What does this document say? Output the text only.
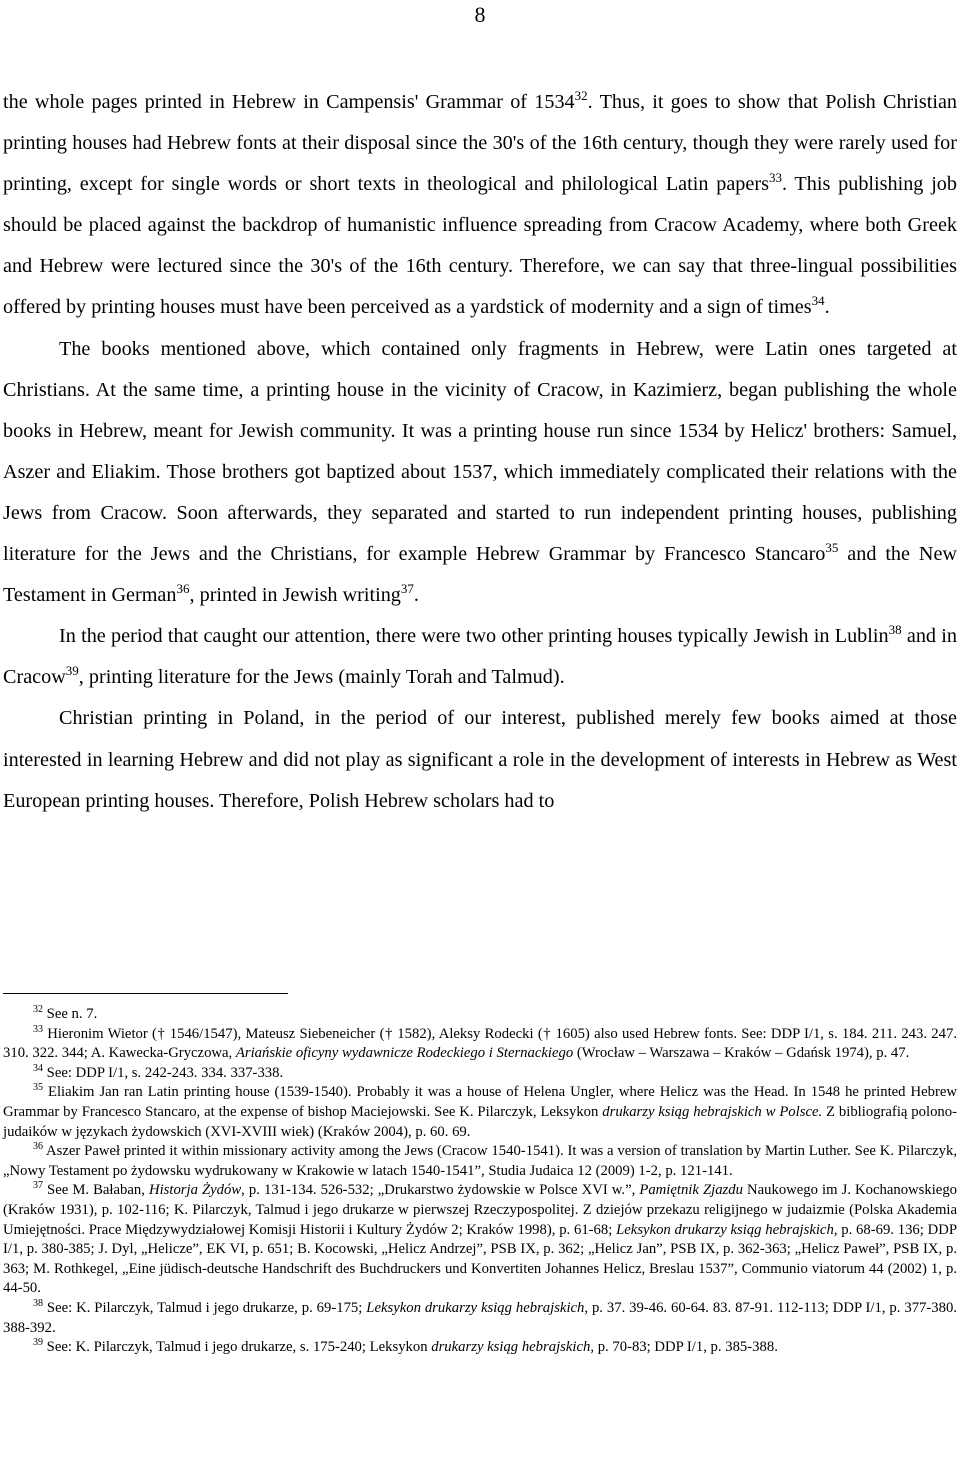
8

the whole pages printed in Hebrew in Campensis' Grammar of 1534$^{32}$. Thus, it goes to show that Polish Christian printing houses had Hebrew fonts at their disposal since the 30's of the 16th century, though they were rarely used for printing, except for single words or short texts in theological and philological Latin papers$^{33}$. This publishing job should be placed against the backdrop of humanistic influence spreading from Cracow Academy, where both Greek and Hebrew were lectured since the 30's of the 16th century. Therefore, we can say that three-lingual possibilities offered by printing houses must have been perceived as a yardstick of modernity and a sign of times$^{34}$.

The books mentioned above, which contained only fragments in Hebrew, were Latin ones targeted at Christians. At the same time, a printing house in the vicinity of Cracow, in Kazimierz, began publishing the whole books in Hebrew, meant for Jewish community. It was a printing house run since 1534 by Helicz' brothers: Samuel, Aszer and Eliakim. Those brothers got baptized about 1537, which immediately complicated their relations with the Jews from Cracow. Soon afterwards, they separated and started to run independent printing houses, publishing literature for the Jews and the Christians, for example Hebrew Grammar by Francesco Stancaro$^{35}$ and the New Testament in German$^{36}$, printed in Jewish writing$^{37}$.

In the period that caught our attention, there were two other printing houses typically Jewish in Lublin$^{38}$ and in Cracow$^{39}$, printing literature for the Jews (mainly Torah and Talmud).

Christian printing in Poland, in the period of our interest, published merely few books aimed at those interested in learning Hebrew and did not play as significant a role in the development of interests in Hebrew as West European printing houses. Therefore, Polish Hebrew scholars had to

$^{32}$ See n. 7.

$^{33}$ Hieronim Wietor († 1546/1547), Mateusz Siebeneicher († 1582), Aleksy Rodecki († 1605) also used Hebrew fonts. See: DDP I/1, s. 184. 211. 243. 247. 310. 322. 344; A. Kawecka-Gryczowa, Ariańskie oficyny wydawnicze Rodeckiego i Sternackiego (Wrocław – Warszawa – Kraków – Gdańsk 1974), p. 47.

$^{34}$ See: DDP I/1, s. 242-243. 334. 337-338.

$^{35}$ Eliakim Jan ran Latin printing house (1539-1540). Probably it was a house of Helena Ungler, where Helicz was the Head. In 1548 he printed Hebrew Grammar by Francesco Stancaro, at the expense of bishop Maciejowski. See K. Pilarczyk, Leksykon drukarzy ksiąg hebrajskich w Polsce. Z bibliografią polono-judaików w językach żydowskich (XVI-XVIII wiek) (Kraków 2004), p. 60. 69.

$^{36}$ Aszer Paweł printed it within missionary activity among the Jews (Cracow 1540-1541). It was a version of translation by Martin Luther. See K. Pilarczyk, „Nowy Testament po żydowsku wydrukowany w Krakowie w latach 1540-1541”, Studia Judaica 12 (2009) 1-2, p. 121-141.

$^{37}$ See M. Bałaban, Historja Żydów, p. 131-134. 526-532; „Drukarstwo żydowskie w Polsce XVI w.”, Pamiętnik Zjazdu Naukowego im J. Kochanowskiego (Kraków 1931), p. 102-116; K. Pilarczyk, Talmud i jego drukarze w pierwszej Rzeczypospolitej. Z dziejów przekazu religijnego w judaizmie (Polska Akademia Umiejętności. Prace Międzywydziałowej Komisji Historii i Kultury Żydów 2; Kraków 1998), p. 61-68; Leksykon drukarzy ksiąg hebrajskich, p. 68-69. 136; DDP I/1, p. 380-385; J. Dyl, „Helicze”, EK VI, p. 651; B. Kocowski, „Helicz Andrzej”, PSB IX, p. 362; „Helicz Jan”, PSB IX, p. 362-363; „Helicz Paweł”, PSB IX, p. 363; M. Rothkegel, „Eine jüdisch-deutsche Handschrift des Buchdruckers und Konvertiten Johannes Helicz, Breslau 1537”, Communio viatorum 44 (2002) 1, p. 44-50.

$^{38}$ See: K. Pilarczyk, Talmud i jego drukarze, p. 69-175; Leksykon drukarzy ksiąg hebrajskich, p. 37. 39-46. 60-64. 83. 87-91. 112-113; DDP I/1, p. 377-380. 388-392.

$^{39}$ See: K. Pilarczyk, Talmud i jego drukarze, s. 175-240; Leksykon drukarzy ksiąg hebrajskich, p. 70-83; DDP I/1, p. 385-388.
